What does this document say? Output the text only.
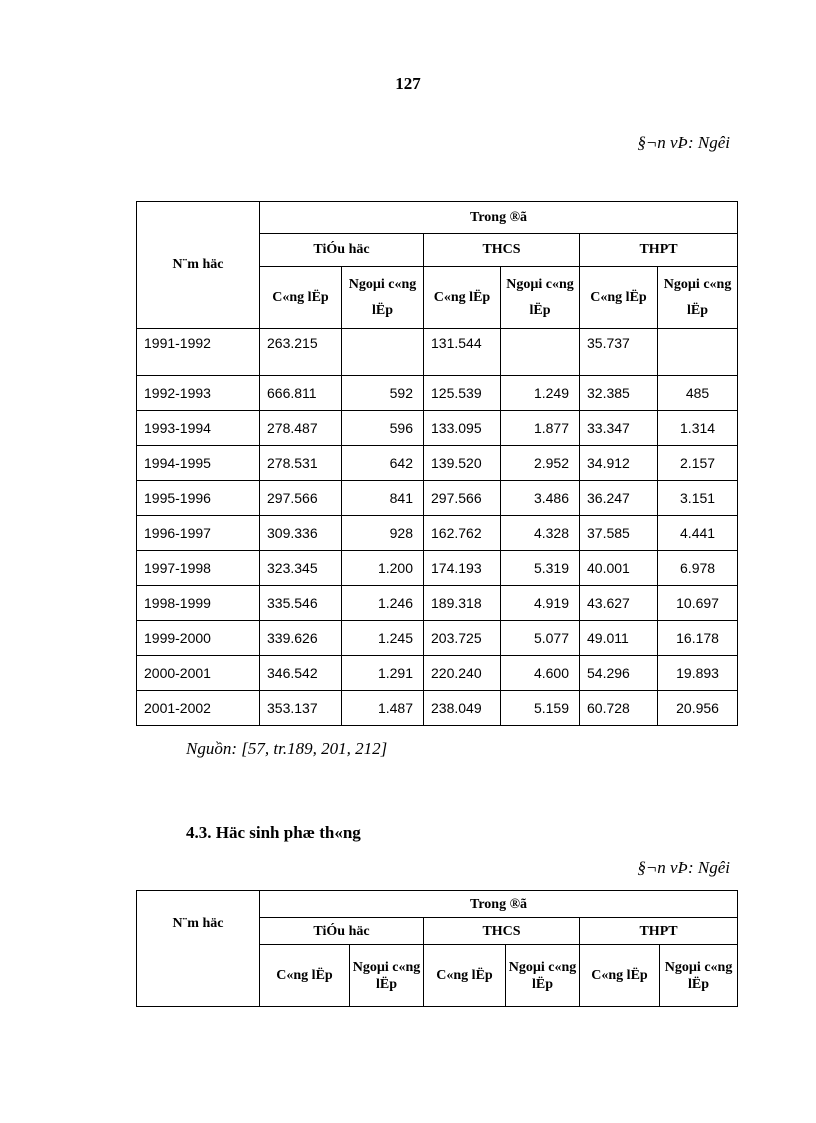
127
§¬n vÞ: Ngêi
N¨m häc	Trong ®ã					
	TiÓu häc		THCS		THPT	
	C«ng lËp	Ngoµi c«ng lËp	C«ng lËp	Ngoµi c«ng lËp	C«ng lËp	Ngoµi c«ng lËp
1991-1992	263.215		131.544		35.737	
1992-1993	666.811	592	125.539	1.249	32.385	485
1993-1994	278.487	596	133.095	1.877	33.347	1.314
1994-1995	278.531	642	139.520	2.952	34.912	2.157
1995-1996	297.566	841	297.566	3.486	36.247	3.151
1996-1997	309.336	928	162.762	4.328	37.585	4.441
1997-1998	323.345	1.200	174.193	5.319	40.001	6.978
1998-1999	335.546	1.246	189.318	4.919	43.627	10.697
1999-2000	339.626	1.245	203.725	5.077	49.011	16.178
2000-2001	346.542	1.291	220.240	4.600	54.296	19.893
2001-2002	353.137	1.487	238.049	5.159	60.728	20.956
Nguồn: [57, tr.189, 201, 212]
4.3. Häc sinh phæ th«ng
§¬n vÞ: Ngêi
N¨m häc	Trong ®ã					
	TiÓu häc		THCS		THPT	
	C«ng lËp	Ngoµi c«ng lËp	C«ng lËp	Ngoµi c«ng lËp	C«ng lËp	Ngoµi c«ng lËp
